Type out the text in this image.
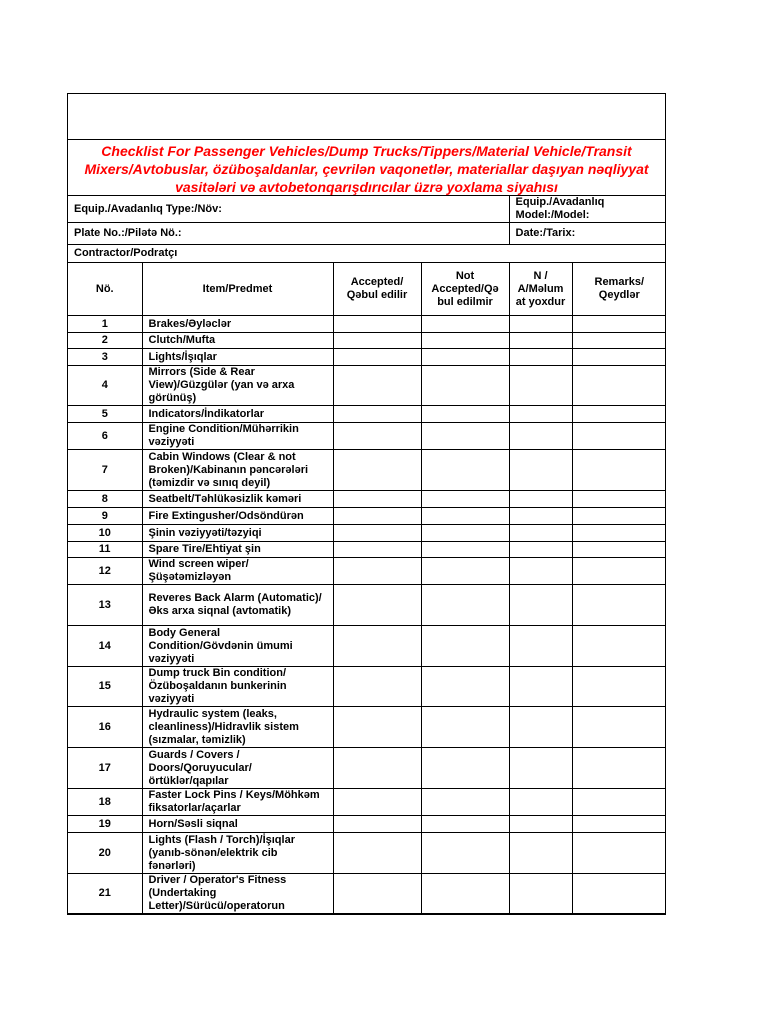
Checklist For Passenger Vehicles/Dump Trucks/Tippers/Material Vehicle/Transit Mixers/Avtobuslar, özüboşaldanlar, çevrilən vaqonetlər, materiallar daşıyan nəqliyyat vasitələri və avtobetonqarışdırıcılar üzrə yoxlama siyahısı
Equip./Avadanlıq Type:/Növ:				Equip./Avadanlıq Model:/Model:	
Plate No.:/Pilətə Nö.:				Date:/Tarix:	
Contractor/Podratçı					
Nö.	Item/Predmet	Accepted/ Qəbul edilir	Not Accepted/Qə bul edilmir	N / A/Məlum at yoxdur	Remarks/ Qeydlər
1	Brakes/Əyləclər				
2	Clutch/Mufta				
3	Lights/İşıqlar				
4	Mirrors (Side & Rear View)/Güzgülər (yan və arxa görünüş)				
5	Indicators/İndikatorlar				
6	Engine Condition/Mühərrikin vəziyyəti				
7	Cabin Windows (Clear & not Broken)/Kabinanın pəncərələri (təmizdir və sınıq deyil)				
8	Seatbelt/Təhlükəsizlik kəməri				
9	Fire Extingusher/Odsöndürən				
10	Şinin vəziyyəti/təzyiqi				
11	Spare Tire/Ehtiyat şin				
12	Wind screen wiper/Şüşətəmizləyən				
13	Reveres Back Alarm (Automatic)/Əks arxa siqnal (avtomatik)				
14	Body General Condition/Gövdənin ümumi vəziyyəti				
15	Dump truck Bin condition/Özüboşaldanın bunkerinin vəziyyəti				
16	Hydraulic system (leaks, cleanliness)/Hidravlik sistem (sızmalar, təmizlik)				
17	Guards / Covers / Doors/Qoruyucular/örtüklər/qapılar				
18	Faster Lock Pins / Keys/Möhkəm fiksatorlar/açarlar				
19	Horn/Səsli siqnal				
20	Lights (Flash / Torch)/İşıqlar (yanıb-sönən/elektrik cib fənərləri)				
21	Driver / Operator's Fitness (Undertaking Letter)/Sürücü/operatorun				
